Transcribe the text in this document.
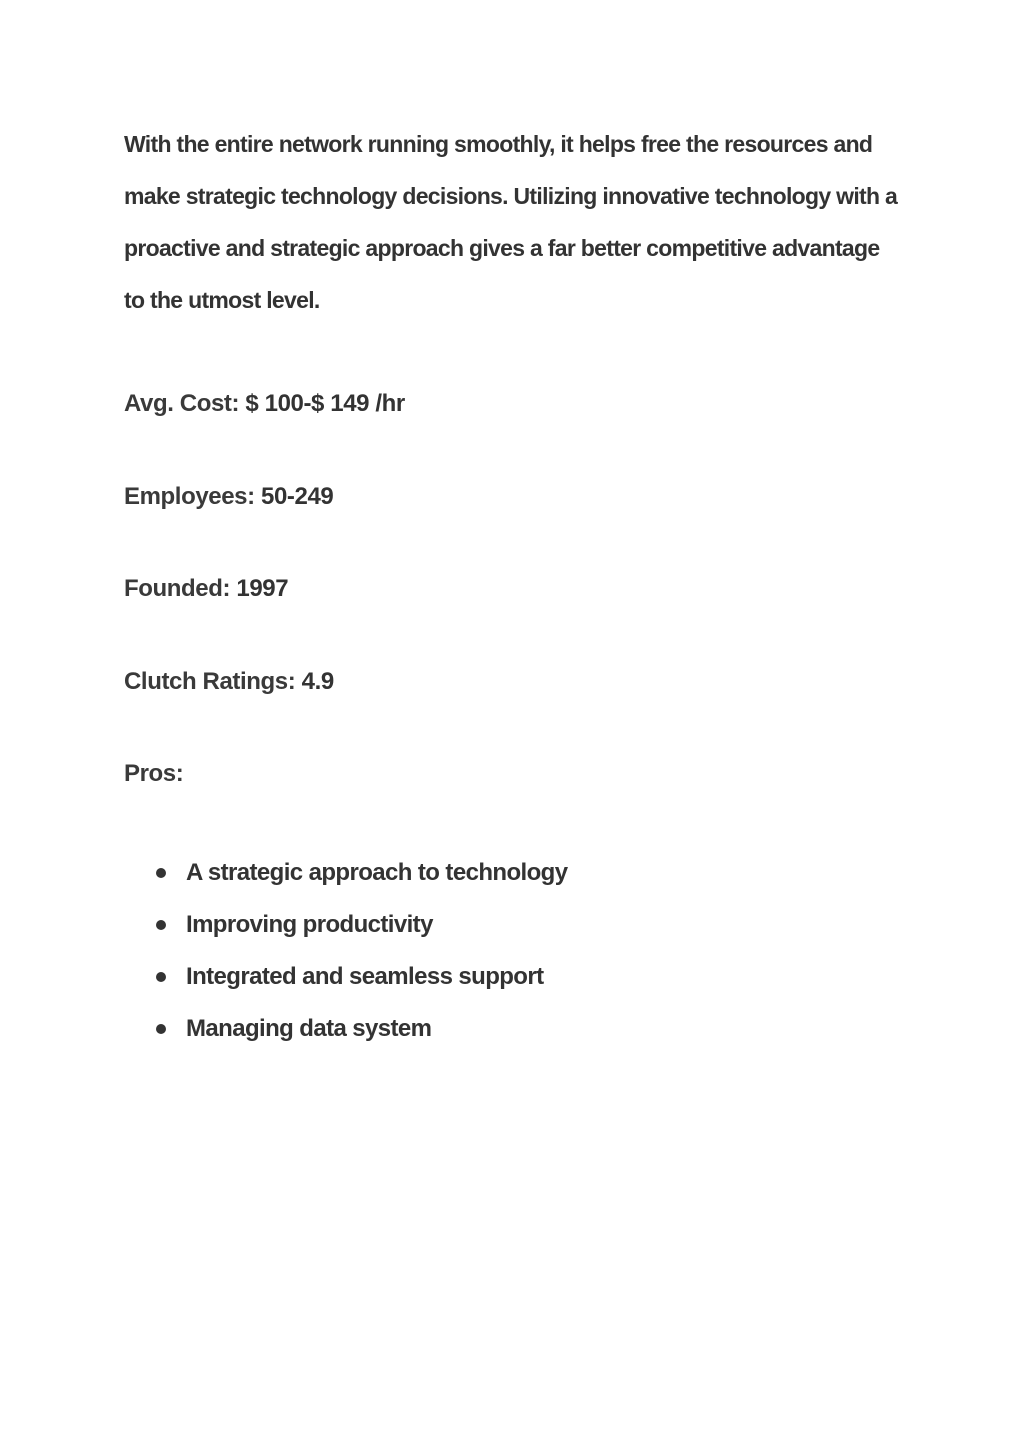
With the entire network running smoothly, it helps free the resources and make strategic technology decisions. Utilizing innovative technology with a proactive and strategic approach gives a far better competitive advantage to the utmost level.

Avg. Cost: $ 100-$ 149 /hr

Employees: 50-249

Founded: 1997

Clutch Ratings: 4.9

Pros:

A strategic approach to technology
Improving productivity
Integrated and seamless support
Managing data system
